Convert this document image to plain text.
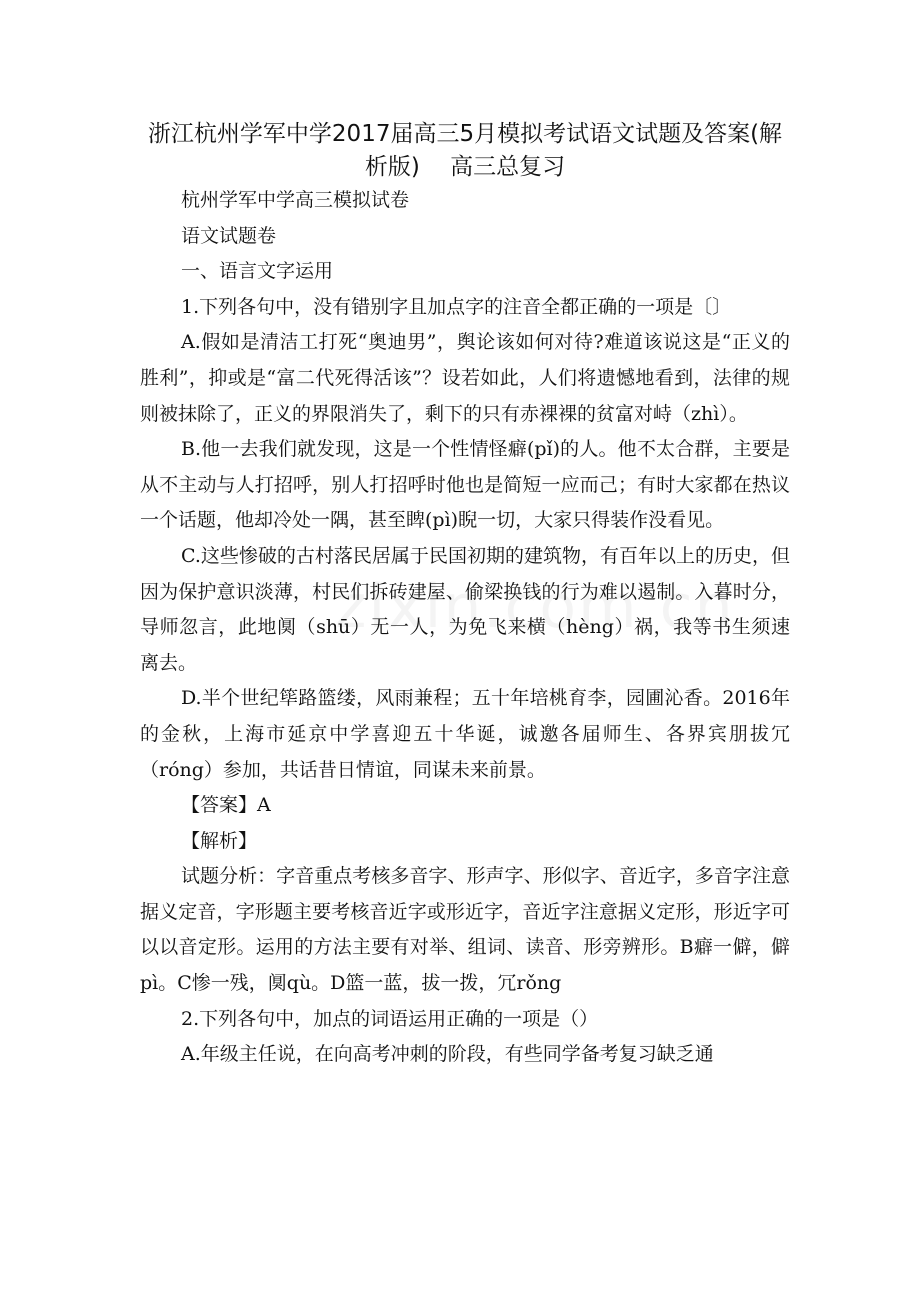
浙江杭州学军中学2017届高三5月模拟考试语文试题及答案(解析版)　 高三总复习

杭州学军中学高三模拟试卷

语文试题卷

一、语言文字运用

1.下列各句中，没有错别字且加点字的注音全都正确的一项是〔〕

A.假如是清洁工打死“奥迪男”，舆论该如何对待?难道该说这是“正义的胜利”，抑或是“富二代死得活该”？设若如此，人们将遗憾地看到，法律的规则被抹除了，正义的界限消失了，剩下的只有赤裸裸的贫富对峙（zhì）。

B.他一去我们就发现，这是一个性情怪癖(pǐ)的人。他不太合群，主要是从不主动与人打招呼，别人打招呼时他也是简短一应而己；有时大家都在热议一个话题，他却冷处一隅，甚至睥(pì)睨一切，大家只得装作没看见。

C.这些惨破的古村落民居属于民国初期的建筑物，有百年以上的历史，但因为保护意识淡薄，村民们拆砖建屋、偷梁换钱的行为难以遏制。入暮时分，导师忽言，此地阒（shū）无一人，为免飞来横（hèng）祸，我等书生须速离去。

D.半个世纪筚路篮缕，风雨兼程；五十年培桃育李，园圃沁香。2016年的金秋，上海市延京中学喜迎五十华诞，诚邀各届师生、各界宾朋拔冗（róng）参加，共话昔日情谊，同谋未来前景。

【答案】A

【解析】

试题分析：字音重点考核多音字、形声字、形似字、音近字，多音字注意据义定音，字形题主要考核音近字或形近字，音近字注意据义定形，形近字可以以音定形。运用的方法主要有对举、组词、读音、形旁辨形。B癖一僻，僻pì。C惨一残，阒qù。D篮一蓝，拔一拨，冗rǒng

2.下列各句中，加点的词语运用正确的一项是（）

A.年级主任说，在向高考冲刺的阶段，有些同学备考复习缺乏通
